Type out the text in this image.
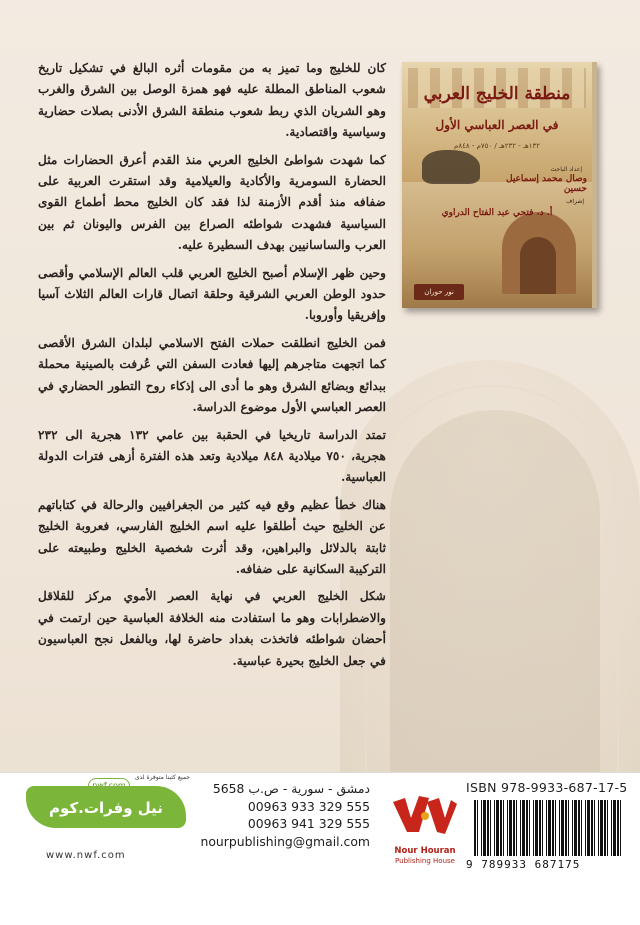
كان للخليج وما تميز به من مقومات أثره البالغ في تشكيل تاريخ شعوب المناطق المطلة عليه فهو همزة الوصل بين الشرق والغرب وهو الشريان الذي ربط شعوب منطقة الشرق الأدنى بصلات حضارية وسياسية واقتصادية.

كما شهدت شواطئ الخليج العربي منذ القدم أعرق الحضارات مثل الحضارة السومرية والأكادية والعيلامية وقد استقرت العربية على ضفافه منذ أقدم الأزمنة لذا فقد كان الخليج محط أطماع القوى السياسية فشهدت شواطئه الصراع بين الفرس واليونان ثم بين العرب والساسانيين بهدف السطيرة عليه.

وحين ظهر الإسلام أصبح الخليج العربي قلب العالم الإسلامي وأقصى حدود الوطن العربي الشرقية وحلقة اتصال قارات العالم الثلاث آسيا وإفريقيا وأوروبا.

فمن الخليج انطلقت حملات الفتح الاسلامي لبلدان الشرق الأقصى كما اتجهت متاجرهم إليها فعادت السفن التي عُرفت بالصينية محملة ببدائع وبضائع الشرق وهو ما أدى الى إذكاء روح التطور الحضاري في العصر العباسي الأول موضوع الدراسة.

تمتد الدراسة تاريخيا في الحقبة بين عامي ١٣٢ هجرية الى ٢٣٢ هجرية، ٧٥٠ ميلادية ٨٤٨ ميلادية وتعد هذه الفترة أزهى فترات الدولة العباسية.

هناك خطأ عظيم وقع فيه كثير من الجغرافيين والرحالة في كتاباتهم عن الخليج حيث أطلقوا عليه اسم الخليج الفارسي، فعروبة الخليج ثابتة بالدلائل والبراهين، وقد أثرت شخصية الخليج وطبيعته على التركيبة السكانية على ضفافه.

شكل الخليج العربي في نهاية العصر الأموي مركز للقلاقل والاضطرابات وهو ما استفادت منه الخلافة العباسية حين ارتمت في أحضان شواطئه فاتخذت بغداد حاضرة لها، وبالفعل نجح العباسيون في جعل الخليج بحيرة عباسية.

منطقة الخليج العربي
في العصر العباسي الأول
١٣٢هـ - ٢٣٢هـ / ٧٥٠م - ٨٤٨م
إعداد الباحث
وصال محمد إسماعيل حسين
إشراف
أ. د. فتحي عبد الفتاح الدراوي
نور حوران
جميع كتبنا متوفرة لدى
نيل وفرات.كوم
www.nwf.com
دمشق - سورية - ص.ب 5658
00963 933 329 555
00963 941 329 555
nourpublishing@gmail.com
Nour Houran
Publishing House
ISBN 978-9933-687-17-5
9 789933 687175
